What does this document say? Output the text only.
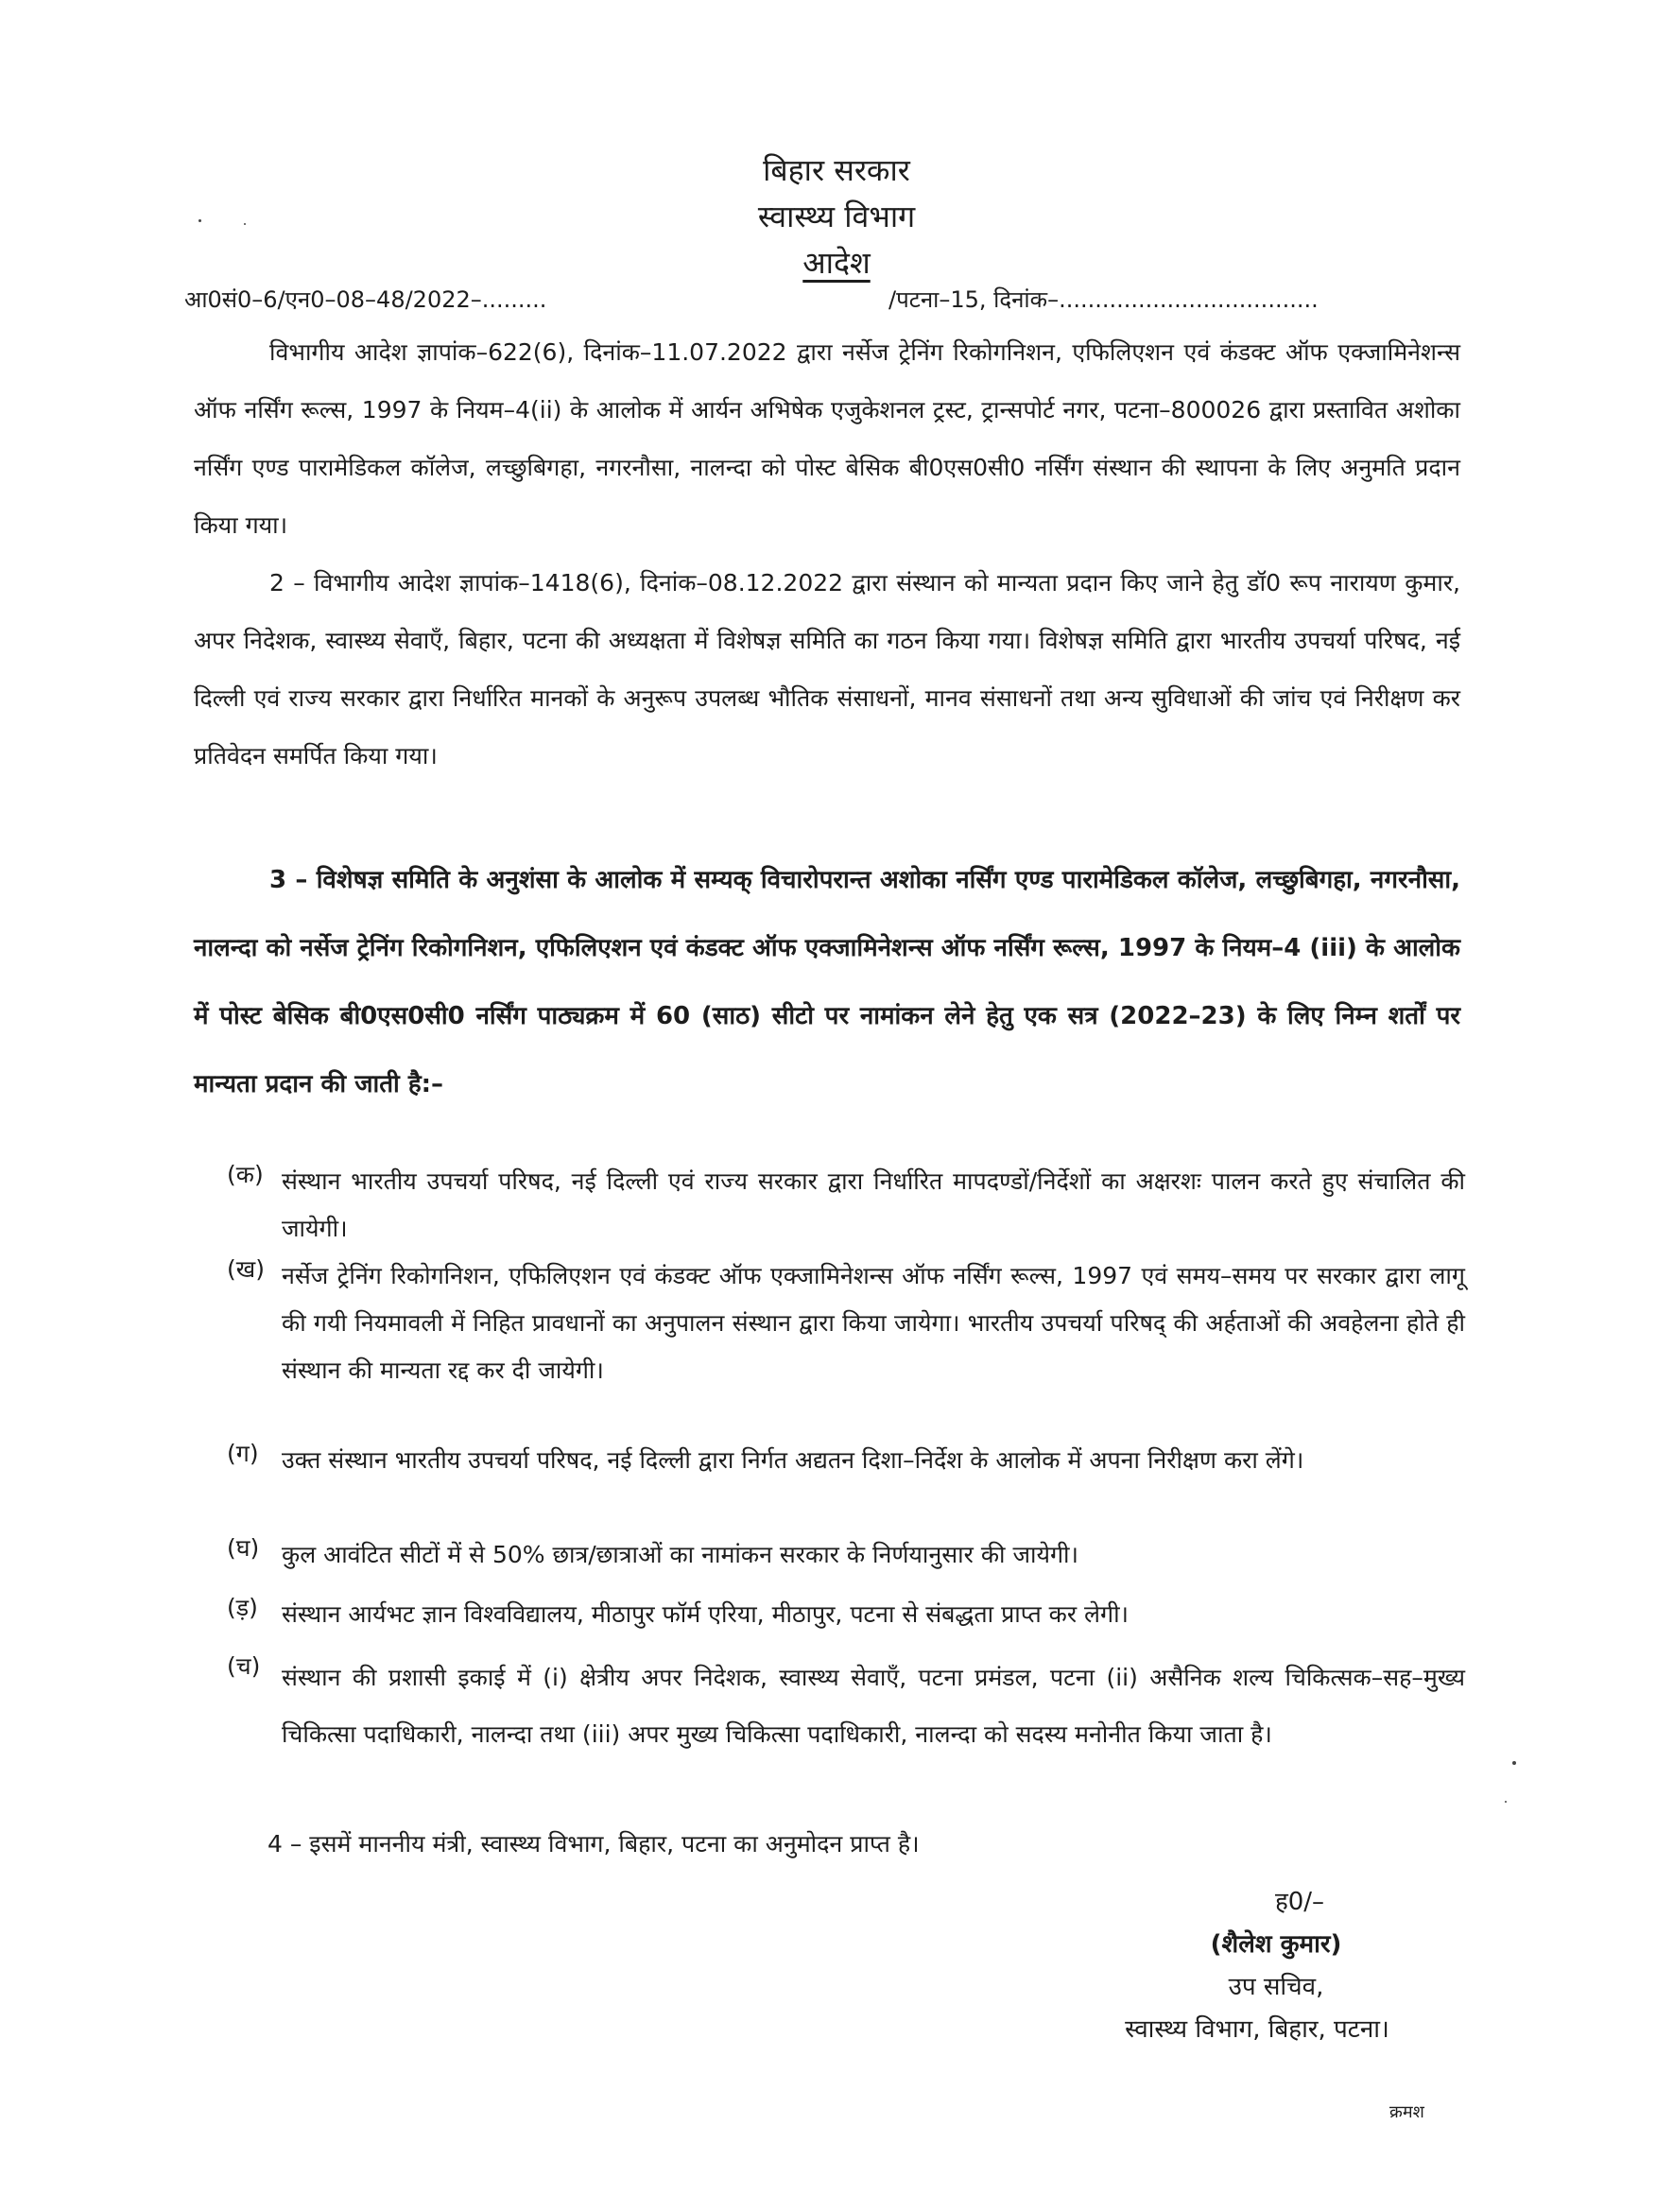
बिहार सरकार
स्वास्थ्य विभाग
आदेश
आ0सं0–6/एन0–08–48/2022–.........	/पटना–15, दिनांक–....................................

विभागीय आदेश ज्ञापांक–622(6), दिनांक–11.07.2022 द्वारा नर्सेज ट्रेनिंग रिकोगनिशन, एफिलिएशन एवं कंडक्ट ऑफ एक्जामिनेशन्स ऑफ नर्सिंग रूल्स, 1997 के नियम–4(ii) के आलोक में आर्यन अभिषेक एजुकेशनल ट्रस्ट, ट्रान्सपोर्ट नगर, पटना–800026 द्वारा प्रस्तावित अशोका नर्सिंग एण्ड पारामेडिकल कॉलेज, लच्छुबिगहा, नगरनौसा, नालन्दा को पोस्ट बेसिक बी0एस0सी0 नर्सिंग संस्थान की स्थापना के लिए अनुमति प्रदान किया गया।

2 – विभागीय आदेश ज्ञापांक–1418(6), दिनांक–08.12.2022 द्वारा संस्थान को मान्यता प्रदान किए जाने हेतु डॉ0 रूप नारायण कुमार, अपर निदेशक, स्वास्थ्य सेवाएँ, बिहार, पटना की अध्यक्षता में विशेषज्ञ समिति का गठन किया गया। विशेषज्ञ समिति द्वारा भारतीय उपचर्या परिषद, नई दिल्ली एवं राज्य सरकार द्वारा निर्धारित मानकों के अनुरूप उपलब्ध भौतिक संसाधनों, मानव संसाधनों तथा अन्य सुविधाओं की जांच एवं निरीक्षण कर प्रतिवेदन समर्पित किया गया।

3 – विशेषज्ञ समिति के अनुशंसा के आलोक में सम्यक् विचारोपरान्त अशोका नर्सिंग एण्ड पारामेडिकल कॉलेज, लच्छुबिगहा, नगरनौसा, नालन्दा को नर्सेज ट्रेनिंग रिकोगनिशन, एफिलिएशन एवं कंडक्ट ऑफ एक्जामिनेशन्स ऑफ नर्सिंग रूल्स, 1997 के नियम–4 (iii) के आलोक में पोस्ट बेसिक बी0एस0सी0 नर्सिंग पाठ्यक्रम में 60 (साठ) सीटो पर नामांकन लेने हेतु एक सत्र (2022–23) के लिए निम्न शर्तों पर मान्यता प्रदान की जाती है:–

(क) संस्थान भारतीय उपचर्या परिषद, नई दिल्ली एवं राज्य सरकार द्वारा निर्धारित मापदण्डों/निर्देशों का अक्षरशः पालन करते हुए संचालित की जायेगी।
(ख) नर्सेज ट्रेनिंग रिकोगनिशन, एफिलिएशन एवं कंडक्ट ऑफ एक्जामिनेशन्स ऑफ नर्सिंग रूल्स, 1997 एवं समय–समय पर सरकार द्वारा लागू की गयी नियमावली में निहित प्रावधानों का अनुपालन संस्थान द्वारा किया जायेगा। भारतीय उपचर्या परिषद् की अर्हताओं की अवहेलना होते ही संस्थान की मान्यता रद्द कर दी जायेगी।
(ग) उक्त संस्थान भारतीय उपचर्या परिषद, नई दिल्ली द्वारा निर्गत अद्यतन दिशा–निर्देश के आलोक में अपना निरीक्षण करा लेंगे।
(घ) कुल आवंटित सीटों में से 50% छात्र/छात्राओं का नामांकन सरकार के निर्णयानुसार की जायेगी।
(ड़)	संस्थान आर्यभट ज्ञान विश्वविद्यालय, मीठापुर फॉर्म एरिया, मीठापुर, पटना से संबद्धता प्राप्त कर लेगी।
(च) संस्थान की प्रशासी इकाई में (i) क्षेत्रीय अपर निदेशक, स्वास्थ्य सेवाएँ, पटना प्रमंडल, पटना (ii) असैनिक शल्य चिकित्सक–सह–मुख्य चिकित्सा पदाधिकारी, नालन्दा तथा (iii) अपर मुख्य चिकित्सा पदाधिकारी, नालन्दा को सदस्य मनोनीत किया जाता है।

4 – इसमें माननीय मंत्री, स्वास्थ्य विभाग, बिहार, पटना का अनुमोदन प्राप्त है।

ह0/–
(शैलेश कुमार)
उप सचिव,
स्वास्थ्य विभाग, बिहार, पटना।
क्रमश
